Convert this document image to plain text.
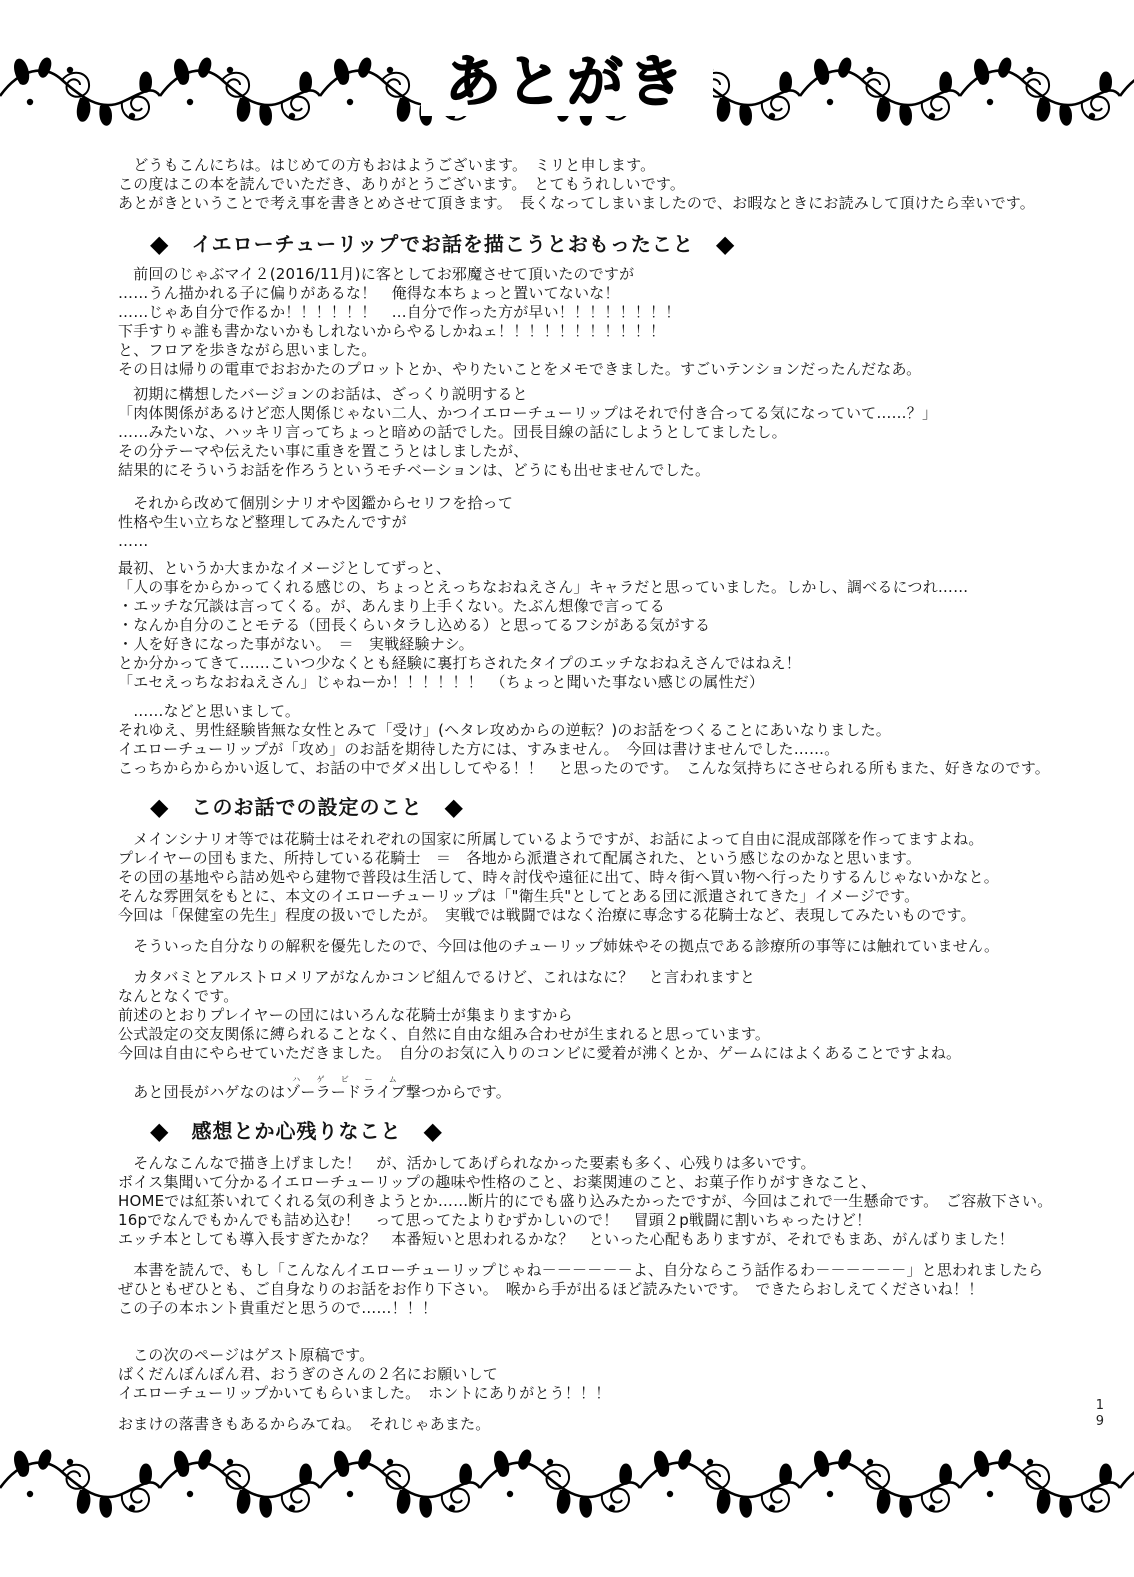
あとがき
　どうもこんにちは。はじめての方もおはようございます。　ミリと申します。
この度はこの本を読んでいただき、ありがとうございます。　とてもうれしいです。
あとがきということで考え事を書きとめさせて頂きます。　長くなってしまいましたので、お暇なときにお読みして頂けたら幸いです。
◆ イエローチューリップでお話を描こうとおもったこと ◆
　前回のじゃぶマイ２(2016/11月)に客としてお邪魔させて頂いたのですが
……うん描かれる子に偏りがあるな！　俺得な本ちょっと置いてないな！
……じゃあ自分で作るか！！！！！！　…自分で作った方が早い！！！！！！！！
下手すりゃ誰も書かないかもしれないからやるしかねェ！！！！！！！！！！！
と、フロアを歩きながら思いました。
その日は帰りの電車でおおかたのプロットとか、やりたいことをメモできました。すごいテンションだったんだなあ。
　初期に構想したバージョンのお話は、ざっくり説明すると
「肉体関係があるけど恋人関係じゃない二人、かつイエローチューリップはそれで付き合ってる気になっていて……？」
……みたいな、ハッキリ言ってちょっと暗めの話でした。団長目線の話にしようとしてましたし。
その分テーマや伝えたい事に重きを置こうとはしましたが、
結果的にそういうお話を作ろうというモチベーションは、どうにも出せませんでした。
　それから改めて個別シナリオや図鑑からセリフを拾って
性格や生い立ちなど整理してみたんですが
……
最初、というか大まかなイメージとしてずっと、
「人の事をからかってくれる感じの、ちょっとえっちなおねえさん」キャラだと思っていました。しかし、調べるにつれ……
・エッチな冗談は言ってくる。が、あんまり上手くない。たぶん想像で言ってる
・なんか自分のことモテる（団長くらいタラし込める）と思ってるフシがある気がする
・人を好きになった事がない。　＝　実戦経験ナシ。
とか分かってきて……こいつ少なくとも経験に裏打ちされたタイプのエッチなおねえさんではねえ！
「エセえっちなおねえさん」じゃねーか！！！！！！　（ちょっと聞いた事ない感じの属性だ）
　……などと思いまして。
それゆえ、男性経験皆無な女性とみて「受け」(ヘタレ攻めからの逆転？)のお話をつくることにあいなりました。
イエローチューリップが「攻め」のお話を期待した方には、すみません。　今回は書けませんでした……。
こっちからからかい返して、お話の中でダメ出ししてやる！！　と思ったのです。　こんな気持ちにさせられる所もまた、好きなのです。
◆ このお話での設定のこと ◆
　メインシナリオ等では花騎士はそれぞれの国家に所属しているようですが、お話によって自由に混成部隊を作ってますよね。
プレイヤーの団もまた、所持している花騎士　＝　各地から派遣されて配属された、という感じなのかなと思います。
その団の基地やら詰め処やら建物で普段は生活して、時々討伐や遠征に出て、時々街へ買い物へ行ったりするんじゃないかなと。
そんな雰囲気をもとに、本文のイエローチューリップは「"衛生兵"としてとある団に派遣されてきた」イメージです。
今回は「保健室の先生」程度の扱いでしたが。　実戦では戦闘ではなく治療に専念する花騎士など、表現してみたいものです。
　そういった自分なりの解釈を優先したので、今回は他のチューリップ姉妹やその拠点である診療所の事等には触れていません。
　カタバミとアルストロメリアがなんかコンビ組んでるけど、これはなに？　と言われますと
なんとなくです。
前述のとおりプレイヤーの団にはいろんな花騎士が集まりますから
公式設定の交友関係に縛られることなく、自然に自由な組み合わせが生まれると思っています。
今回は自由にやらせていただきました。　自分のお気に入りのコンビに愛着が沸くとか、ゲームにはよくあることですよね。
　あと団長がハゲなのはゾーラードライブハゲビーム撃つからです。
◆ 感想とか心残りなこと ◆
　そんなこんなで描き上げました！　が、活かしてあげられなかった要素も多く、心残りは多いです。
ボイス集聞いて分かるイエローチューリップの趣味や性格のこと、お薬関連のこと、お菓子作りがすきなこと、
HOMEでは紅茶いれてくれる気の利きようとか……断片的にでも盛り込みたかったですが、今回はこれで一生懸命です。　ご容赦下さい。
16pでなんでもかんでも詰め込む！　って思ってたよりむずかしいので！　冒頭２p戦闘に割いちゃったけど！
エッチ本としても導入長すぎたかな？　本番短いと思われるかな？　といった心配もありますが、それでもまあ、がんばりました！
　本書を読んで、もし「こんなんイエローチューリップじゃね－－－－－－よ、自分ならこう話作るわ－－－－－－」と思われましたら
ぜひともぜひとも、ご自身なりのお話をお作り下さい。　喉から手が出るほど読みたいです。　できたらおしえてくださいね！！
この子の本ホント貴重だと思うので……！！！
　この次のページはゲスト原稿です。
ばくだんぼんぼん君、おうぎのさんの２名にお願いして
イエローチューリップかいてもらいました。　ホントにありがとう！！！
おまけの落書きもあるからみてね。　それじゃあまた。
1
9
